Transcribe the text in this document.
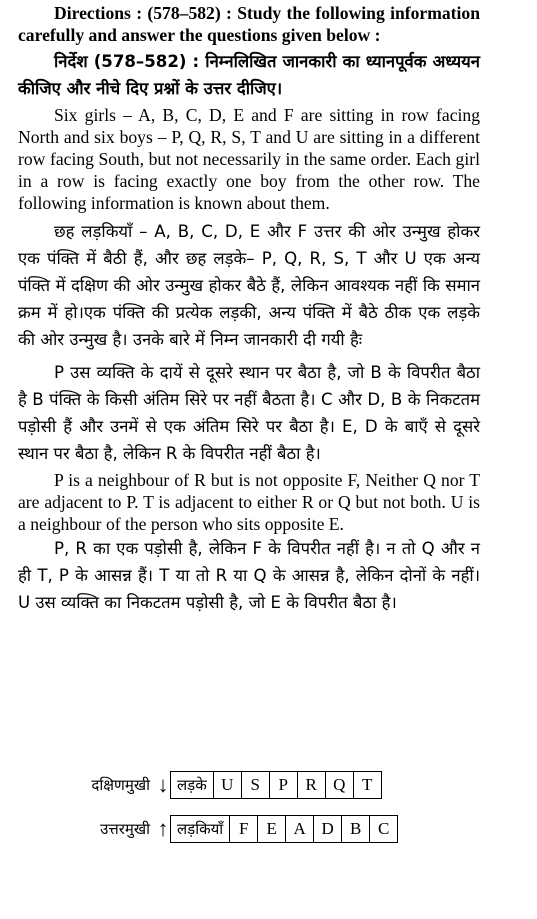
Directions : (578–582) : Study the following information carefully and answer the questions given below :

निर्देश (578–582) : निम्नलिखित जानकारी का ध्यानपूर्वक अध्ययन कीजिए और नीचे दिए प्रश्नों के उत्तर दीजिए।

Six girls – A, B, C, D, E and F are sitting in row facing North and six boys – P, Q, R, S, T and U are sitting in a different row facing South, but not necessarily in the same order. Each girl in a row is facing exactly one boy from the other row. The following information is known about them.

छह लड़कियाँ – A, B, C, D, E और F उत्तर की ओर उन्मुख होकर एक पंक्ति में बैठी हैं, और छह लड़के– P, Q, R, S, T और U एक अन्य पंक्ति में दक्षिण की ओर उन्मुख होकर बैठे हैं, लेकिन आवश्यक नहीं कि समान क्रम में हो।एक पंक्ति की प्रत्येक लड़की, अन्य पंक्ति में बैठे ठीक एक लड़के की ओर उन्मुख है। उनके बारे में निम्न जानकारी दी गयी हैः

P उस व्यक्ति के दायें से दूसरे स्थान पर बैठा है, जो B के विपरीत बैठा है B पंक्ति के किसी अंतिम सिरे पर नहीं बैठता है। C और D, B के निकटतम पड़ोसी हैं और उनमें से एक अंतिम सिरे पर बैठा है। E, D के बाएँ से दूसरे स्थान पर बैठा है, लेकिन R के विपरीत नहीं बैठा है।

P is a neighbour of R but is not opposite F, Neither Q nor T are adjacent to P. T is adjacent to either R or Q but not both. U is a neighbour of the person who sits opposite E.

P, R का एक पड़ोसी है, लेकिन F के विपरीत नहीं है। न तो Q और न ही T, P के आसन्न हैं। T या तो R या Q के आसन्न है, लेकिन दोनों के नहीं। U उस व्यक्ति का निकटतम पड़ोसी है, जो E के विपरीत बैठा है।

दक्षिणमुखी ↓ लड़के U	S	P	R Q T
उत्तरमुखी ↑ लड़कियाँ F	E A D B C
